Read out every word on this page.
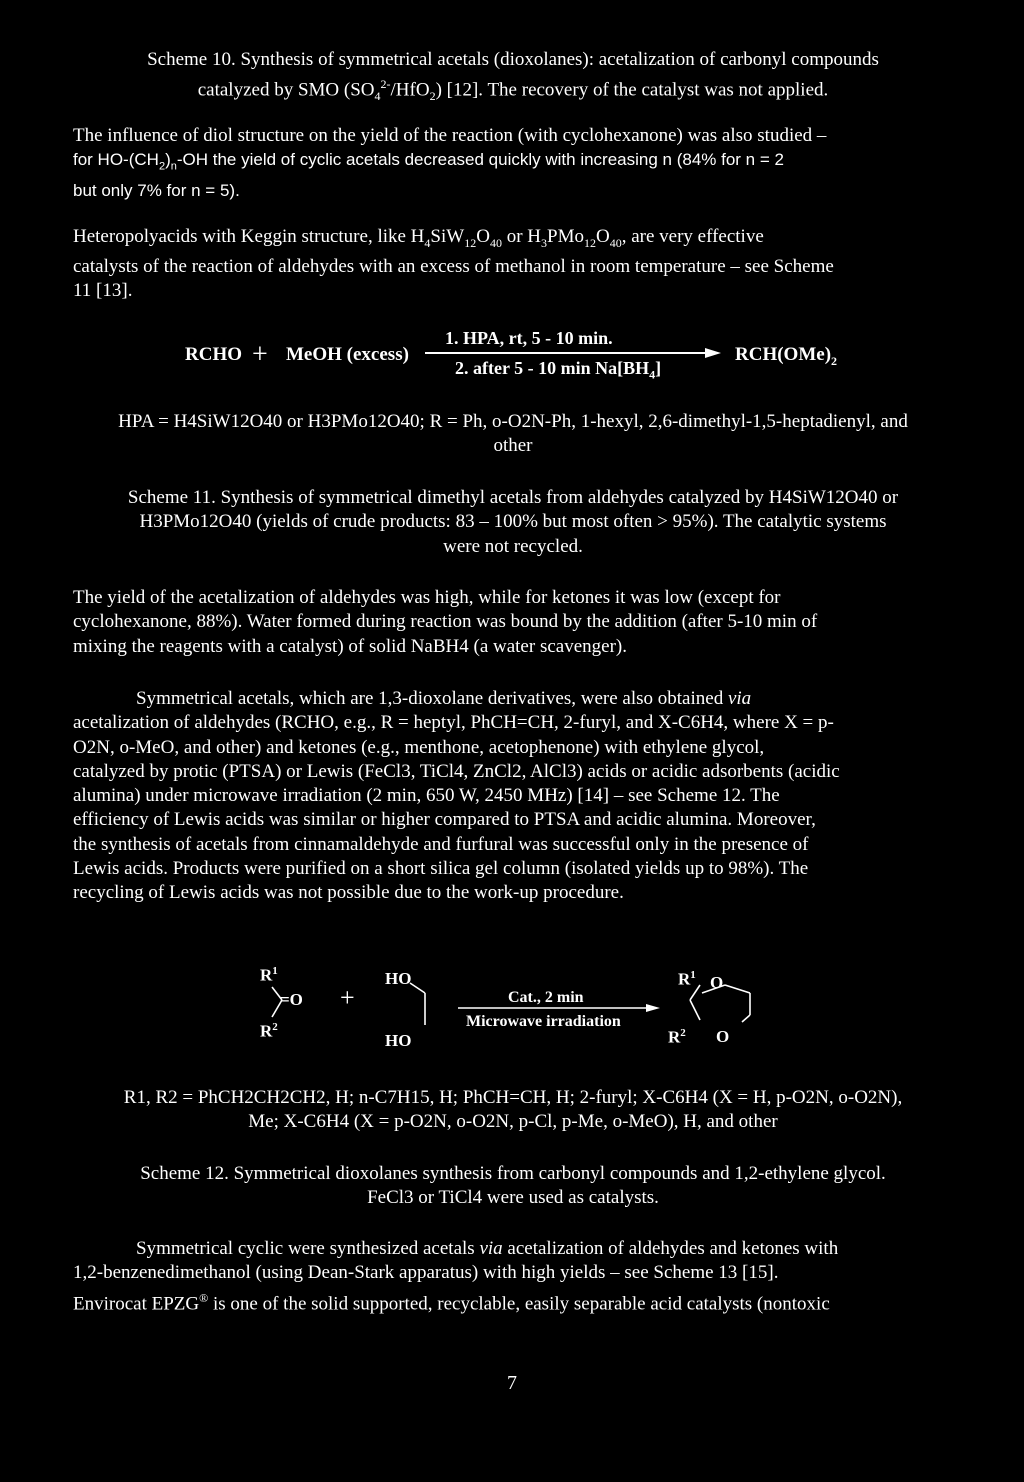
Scheme 10. Synthesis of symmetrical acetals (dioxolanes): acetalization of carbonyl compounds
catalyzed by SMO $(SO_4^{2-}/HfO_2)$ [12]. The recovery of the catalyst was not applied.
The influence of diol structure on the yield of the reaction (with cyclohexanone) was also studied –
for $HO-(CH_2)_n-OH$ the yield of cyclic acetals decreased quickly with increasing n (84% for n = 2
but only 7% for n = 5).
Heteropolyacids with Keggin structure, like $H_4SiW_{12}O_{40}$ or $H_3PMo_{12}O_{40}$, are very effective
catalysts of the reaction of aldehydes with an excess of methanol in room temperature – see Scheme
11 [13].
RCHO + MeOH (excess)
1. HPA, rt, 5 - 10 min.
2. after 5 - 10 $\min Na[BH_4]$
$RCH(OMe)_2$
HPA = H4SiW12O40 or H3PMo12O40; R = Ph, o-O2N-Ph, 1-hexyl, 2,6-dimethyl-1,5-heptadienyl, and
other
Scheme 11. Synthesis of symmetrical dimethyl acetals from aldehydes catalyzed by H4SiW12O40 or
H3PMo12O40 (yields of crude products: 83 – 100% but most often > 95%). The catalytic systems
were not recycled.
The yield of the acetalization of aldehydes was high, while for ketones it was low (except for
cyclohexanone, 88%). Water formed during reaction was bound by the addition (after 5-10 min of
mixing the reagents with a catalyst) of solid NaBH4 (a water scavenger).
Symmetrical acetals, which are 1,3-dioxolane derivatives, were also obtained via
acetalization of aldehydes (RCHO, e.g., R = heptyl, PhCH=CH, 2-furyl, and X-C6H4, where X = p-
O2N, o-MeO, and other) and ketones (e.g., menthone, acetophenone) with ethylene glycol,
catalyzed by protic (PTSA) or Lewis (FeCl3, TiCl4, ZnCl2, AlCl3) acids or acidic adsorbents (acidic
alumina) under microwave irradiation (2 min, 650 W, 2450 MHz) [14] – see Scheme 12. The
efficiency of Lewis acids was similar or higher compared to PTSA and acidic alumina. Moreover,
the synthesis of acetals from cinnamaldehyde and furfural was successful only in the presence of
Lewis acids. Products were purified on a short silica gel column (isolated yields up to 98%). The
recycling of Lewis acids was not possible due to the work-up procedure.
$R^1$
=O
$R^2$
+
HO
HO
Cat., 2 min
Microwave irradiation
$R^1$ O
$R^2$ O
R1, R2 = PhCH2CH2CH2, H; n-C7H15, H; PhCH=CH, H; 2-furyl; X-C6H4 (X = H, p-O2N, o-O2N),
Me; X-C6H4 (X = p-O2N, o-O2N, p-Cl, p-Me, o-MeO), H, and other
Scheme 12. Symmetrical dioxolanes synthesis from carbonyl compounds and 1,2-ethylene glycol.
FeCl3 or TiCl4 were used as catalysts.
Symmetrical cyclic were synthesized acetals via acetalization of aldehydes and ketones with
1,2-benzenedimethanol (using Dean-Stark apparatus) with high yields – see Scheme 13 [15].
Envirocat EPZG® is one of the solid supported, recyclable, easily separable acid catalysts (nontoxic
7
